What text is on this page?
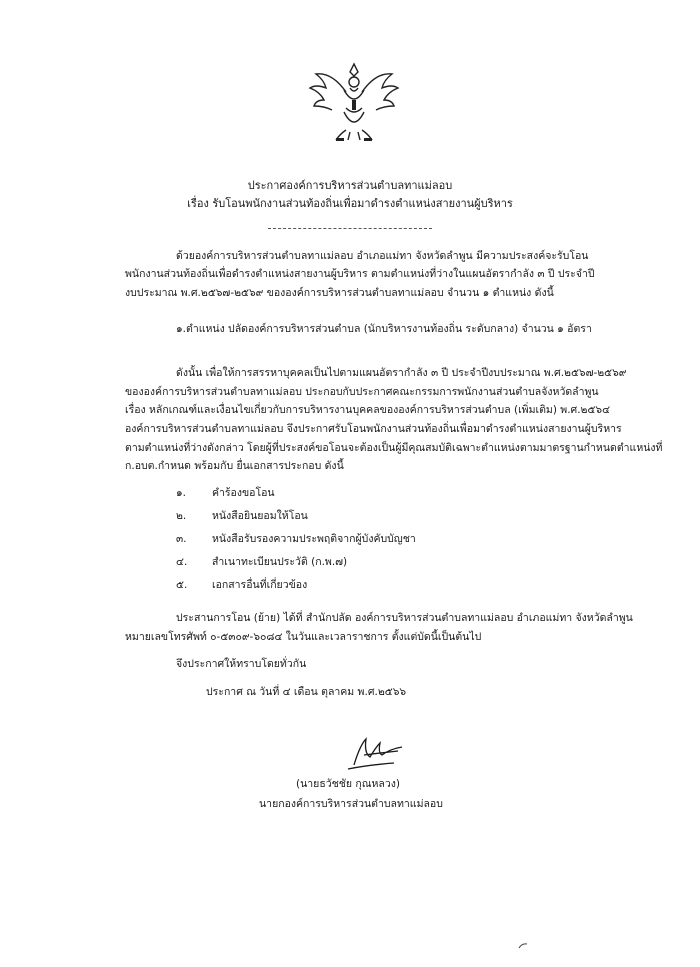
ประกาศองค์การบริหารส่วนตำบลทาแม่ลอบ
เรื่อง รับโอนพนักงานส่วนท้องถิ่นเพื่อมาดำรงตำแหน่งสายงานผู้บริหาร
ด้วยองค์การบริหารส่วนตำบลทาแม่ลอบ อำเภอแม่ทา จังหวัดลำพูน มีความประสงค์จะรับโอน
พนักงานส่วนท้องถิ่นเพื่อดำรงตำแหน่งสายงานผู้บริหาร ตามตำแหน่งที่ว่างในแผนอัตรากำลัง ๓ ปี ประจำปี
งบประมาณ พ.ศ.๒๕๖๗-๒๕๖๙ ขององค์การบริหารส่วนตำบลทาแม่ลอบ จำนวน ๑ ตำแหน่ง ดังนี้
๑.ตำแหน่ง ปลัดองค์การบริหารส่วนตำบล (นักบริหารงานท้องถิ่น ระดับกลาง) จำนวน ๑ อัตรา
ดังนั้น เพื่อให้การสรรหาบุคคลเป็นไปตามแผนอัตรากำลัง ๓ ปี ประจำปีงบประมาณ พ.ศ.๒๕๖๗-๒๕๖๙
ขององค์การบริหารส่วนตำบลทาแม่ลอบ ประกอบกับประกาศคณะกรรมการพนักงานส่วนตำบลจังหวัดลำพูน
เรื่อง หลักเกณฑ์และเงื่อนไขเกี่ยวกับการบริหารงานบุคคลขององค์การบริหารส่วนตำบล (เพิ่มเติม) พ.ศ.๒๕๖๔
องค์การบริหารส่วนตำบลทาแม่ลอบ จึงประกาศรับโอนพนักงานส่วนท้องถิ่นเพื่อมาดำรงตำแหน่งสายงานผู้บริหาร
ตามตำแหน่งที่ว่างดังกล่าว โดยผู้ที่ประสงค์ขอโอนจะต้องเป็นผู้มีคุณสมบัติเฉพาะตำแหน่งตามมาตรฐานกำหนดตำแหน่งที่
ก.อบต.กำหนด พร้อมกับ ยื่นเอกสารประกอบ ดังนี้
๑. คำร้องขอโอน
๒. หนังสือยินยอมให้โอน
๓. หนังสือรับรองความประพฤติจากผู้บังคับบัญชา
๔. สำเนาทะเบียนประวัติ (ก.พ.๗)
๕. เอกสารอื่นที่เกี่ยวข้อง
ประสานการโอน (ย้าย) ได้ที่ สำนักปลัด องค์การบริหารส่วนตำบลทาแม่ลอบ อำเภอแม่ทา จังหวัดลำพูน
หมายเลขโทรศัพท์ ๐-๕๓๐๙-๖๐๘๔ ในวันและเวลาราชการ ตั้งแต่บัดนี้เป็นต้นไป
จึงประกาศให้ทราบโดยทั่วกัน
ประกาศ ณ วันที่ ๔ เดือน ตุลาคม พ.ศ.๒๕๖๖
(นายธวัชชัย กุณหลวง)
นายกองค์การบริหารส่วนตำบลทาแม่ลอบ
